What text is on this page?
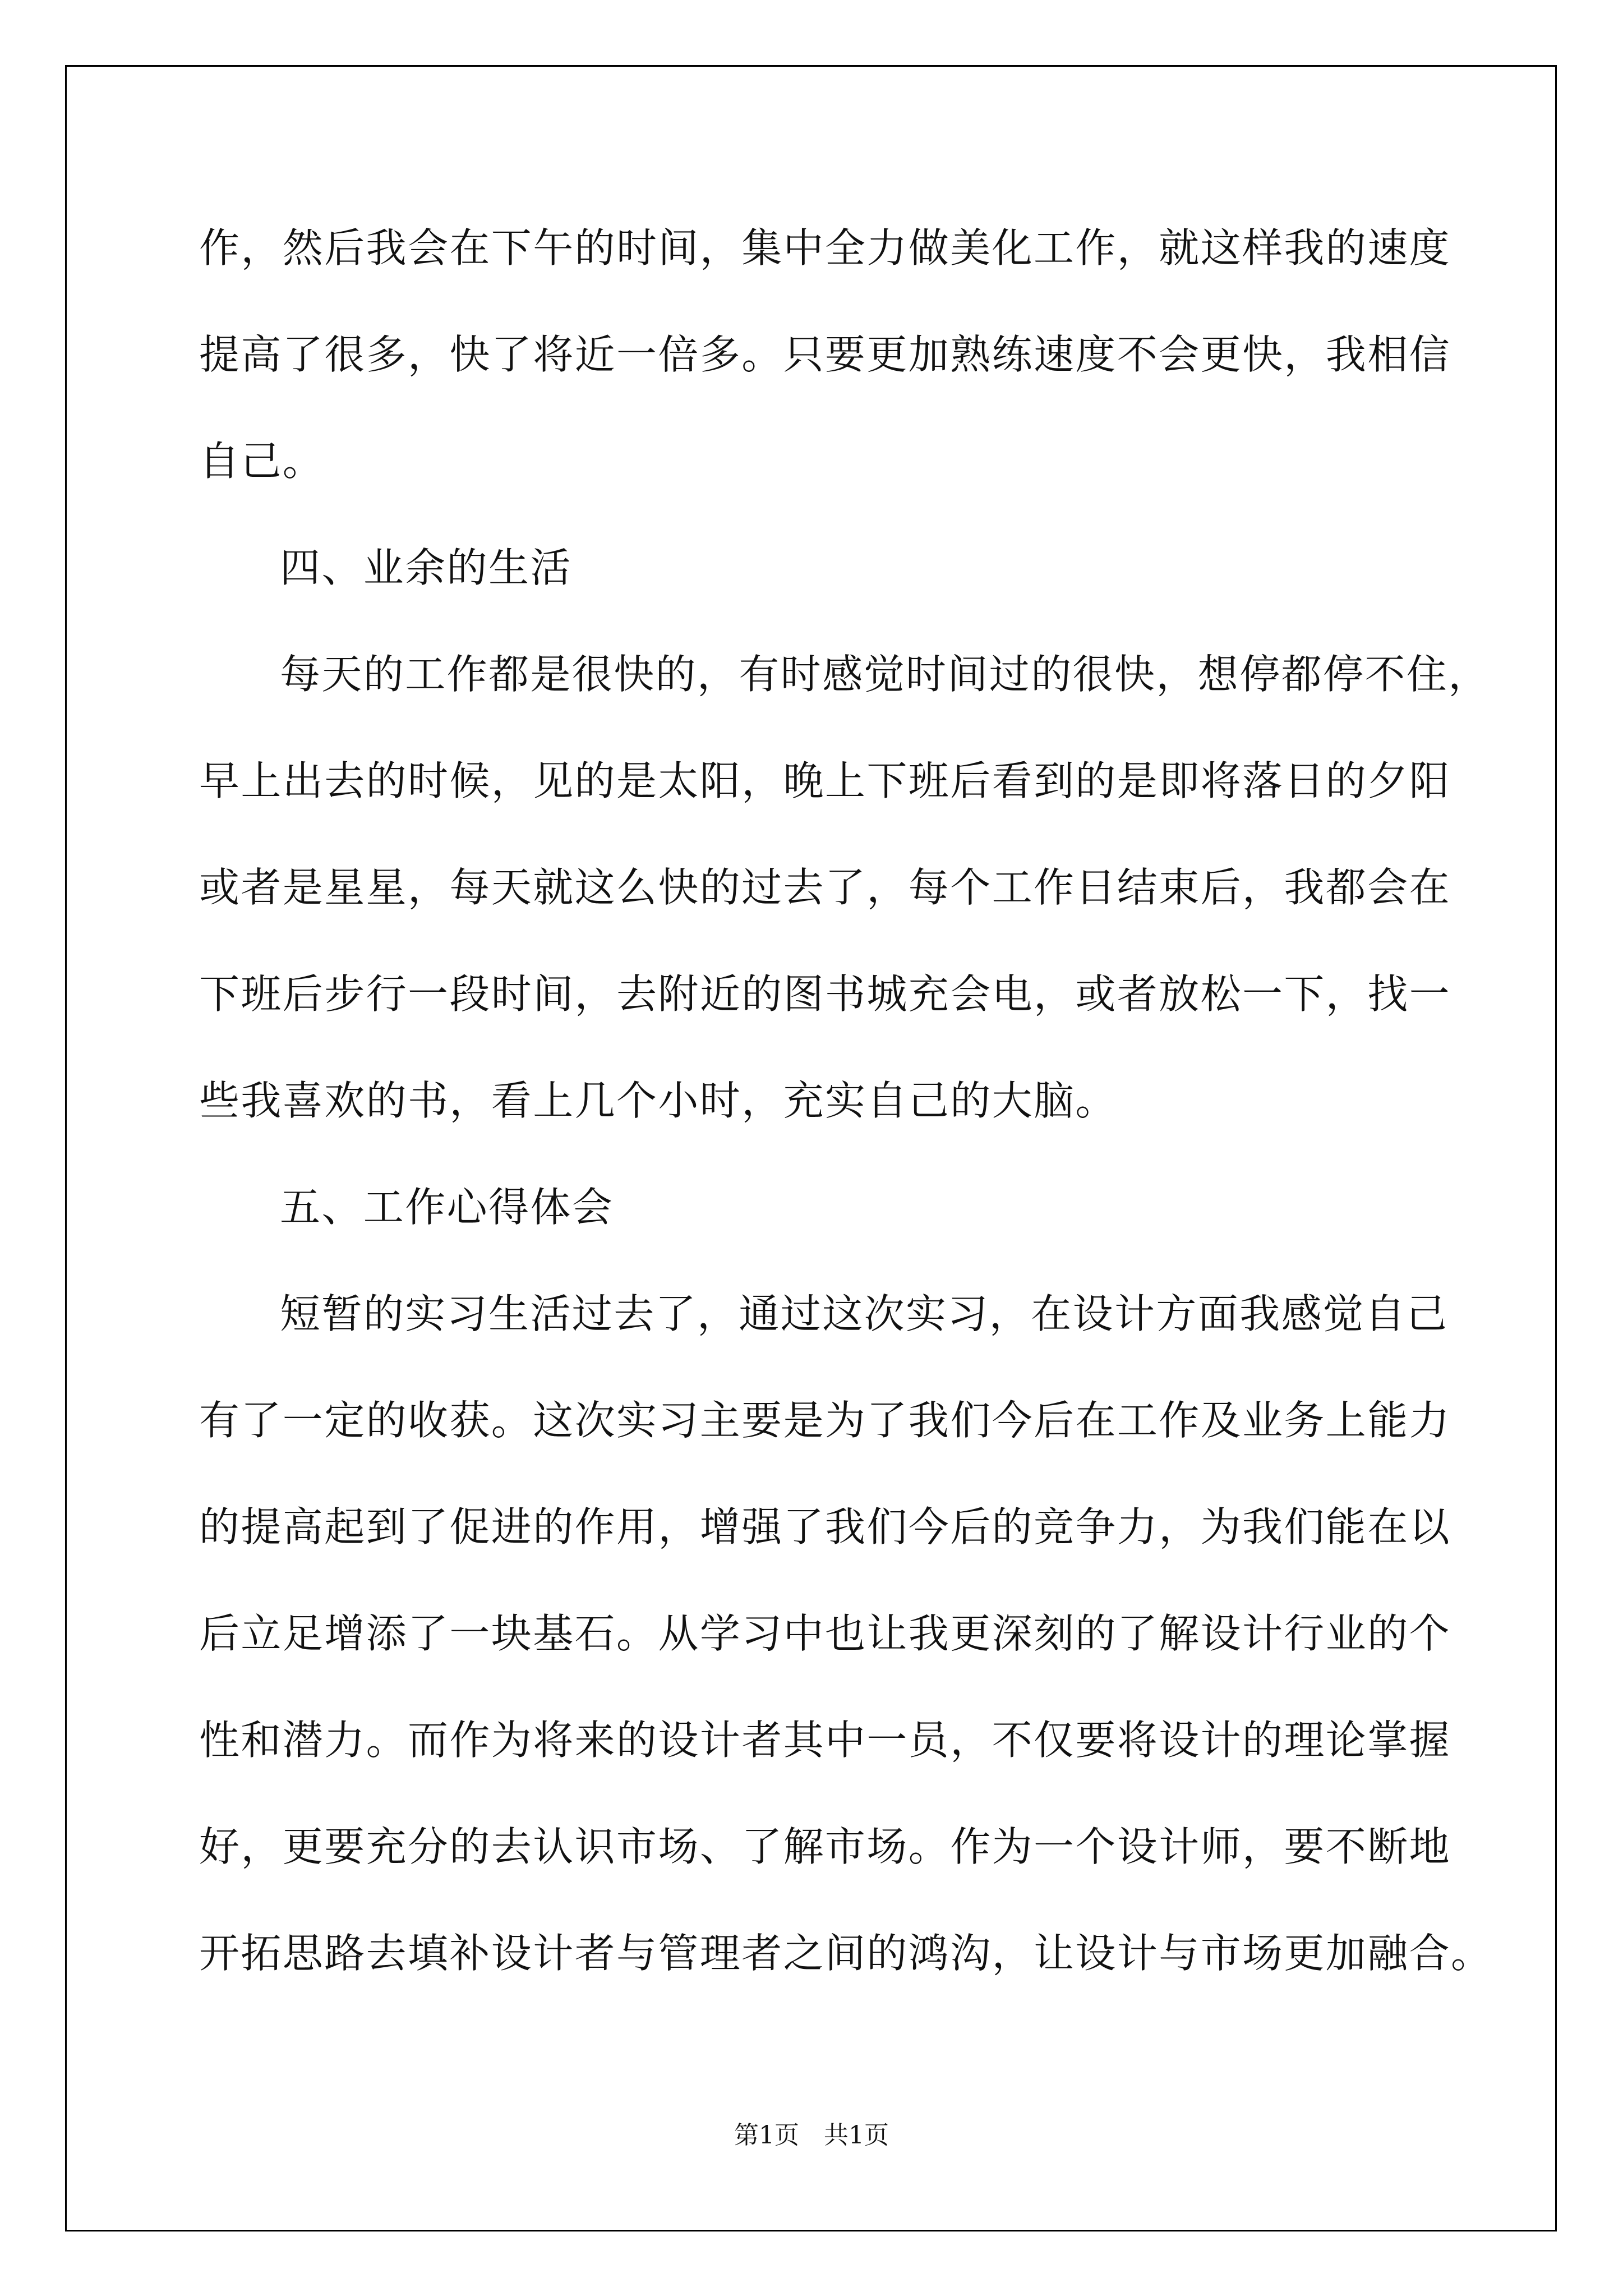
作，然后我会在下午的时间，集中全力做美化工作，就这样我的速度
提高了很多，快了将近一倍多。只要更加熟练速度不会更快，我相信
自己。
四、业余的生活
每天的工作都是很快的，有时感觉时间过的很快，想停都停不住，
早上出去的时候，见的是太阳，晚上下班后看到的是即将落日的夕阳
或者是星星，每天就这么快的过去了，每个工作日结束后，我都会在
下班后步行一段时间，去附近的图书城充会电，或者放松一下，找一
些我喜欢的书，看上几个小时，充实自己的大脑。
五、工作心得体会
短暂的实习生活过去了，通过这次实习，在设计方面我感觉自己
有了一定的收获。这次实习主要是为了我们今后在工作及业务上能力
的提高起到了促进的作用，增强了我们今后的竞争力，为我们能在以
后立足增添了一块基石。从学习中也让我更深刻的了解设计行业的个
性和潜力。而作为将来的设计者其中一员，不仅要将设计的理论掌握
好，更要充分的去认识市场、了解市场。作为一个设计师，要不断地
开拓思路去填补设计者与管理者之间的鸿沟，让设计与市场更加融合。
第1页　共1页
